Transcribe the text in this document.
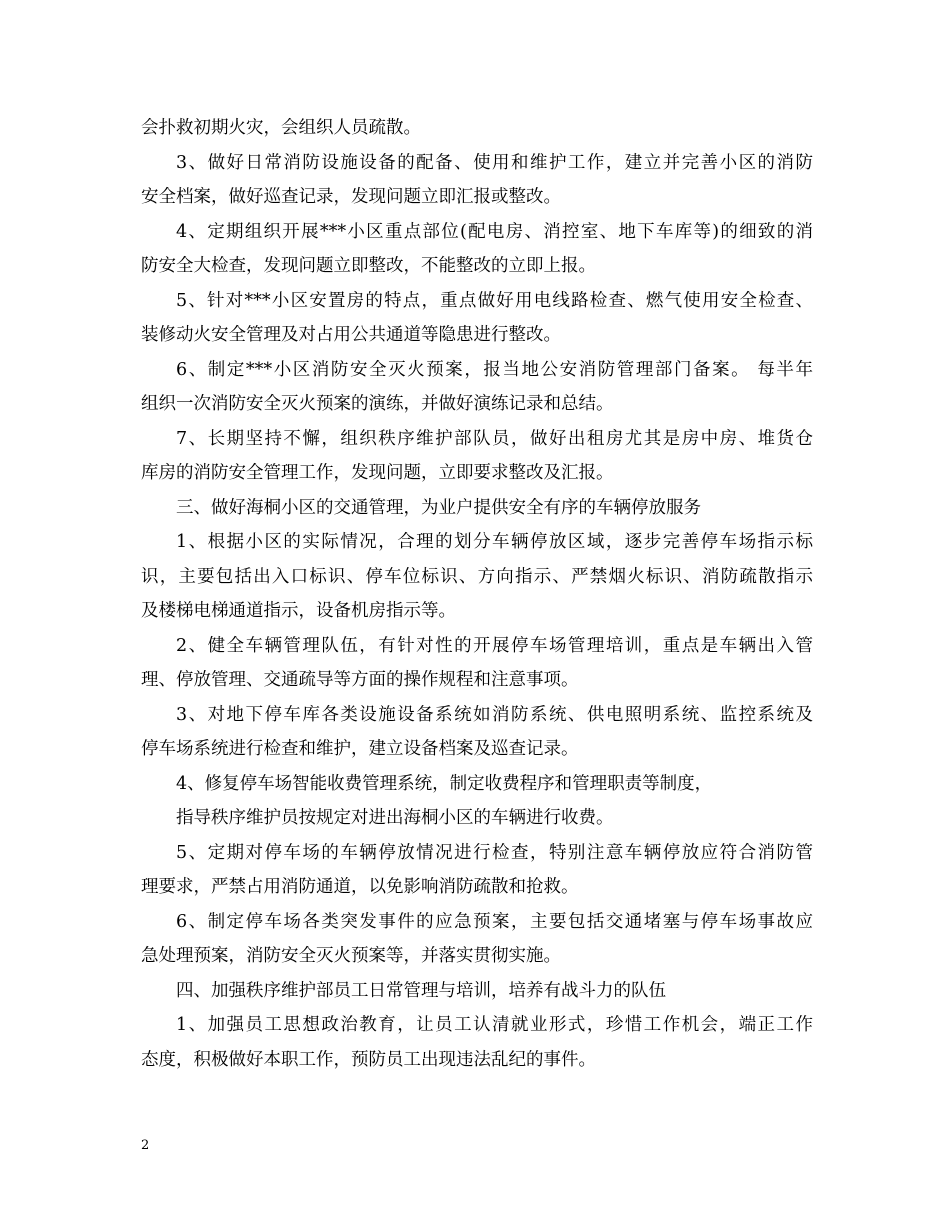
会扑救初期火灾，会组织人员疏散。
3、做好日常消防设施设备的配备、使用和维护工作，建立并完善小区的消防
安全档案，做好巡查记录，发现问题立即汇报或整改。
4、定期组织开展***小区重点部位(配电房、消控室、地下车库等)的细致的消
防安全大检查，发现问题立即整改，不能整改的立即上报。
5、针对***小区安置房的特点，重点做好用电线路检查、燃气使用安全检查、
装修动火安全管理及对占用公共通道等隐患进行整改。
6、制定***小区消防安全灭火预案，报当地公安消防管理部门备案。 每半年
组织一次消防安全灭火预案的演练，并做好演练记录和总结。
7、长期坚持不懈，组织秩序维护部队员，做好出租房尤其是房中房、堆货仓
库房的消防安全管理工作，发现问题，立即要求整改及汇报。
三、做好海桐小区的交通管理，为业户提供安全有序的车辆停放服务
1、根据小区的实际情况，合理的划分车辆停放区域，逐步完善停车场指示标
识，主要包括出入口标识、停车位标识、方向指示、严禁烟火标识、消防疏散指示
及楼梯电梯通道指示，设备机房指示等。
2、健全车辆管理队伍，有针对性的开展停车场管理培训，重点是车辆出入管
理、停放管理、交通疏导等方面的操作规程和注意事项。
3、对地下停车库各类设施设备系统如消防系统、供电照明系统、监控系统及
停车场系统进行检查和维护，建立设备档案及巡查记录。
4、修复停车场智能收费管理系统，制定收费程序和管理职责等制度，
指导秩序维护员按规定对进出海桐小区的车辆进行收费。
5、定期对停车场的车辆停放情况进行检查，特别注意车辆停放应符合消防管
理要求，严禁占用消防通道，以免影响消防疏散和抢救。
6、制定停车场各类突发事件的应急预案，主要包括交通堵塞与停车场事故应
急处理预案，消防安全灭火预案等，并落实贯彻实施。
四、加强秩序维护部员工日常管理与培训，培养有战斗力的队伍
1、加强员工思想政治教育，让员工认清就业形式，珍惜工作机会，端正工作
态度，积极做好本职工作，预防员工出现违法乱纪的事件。
2
